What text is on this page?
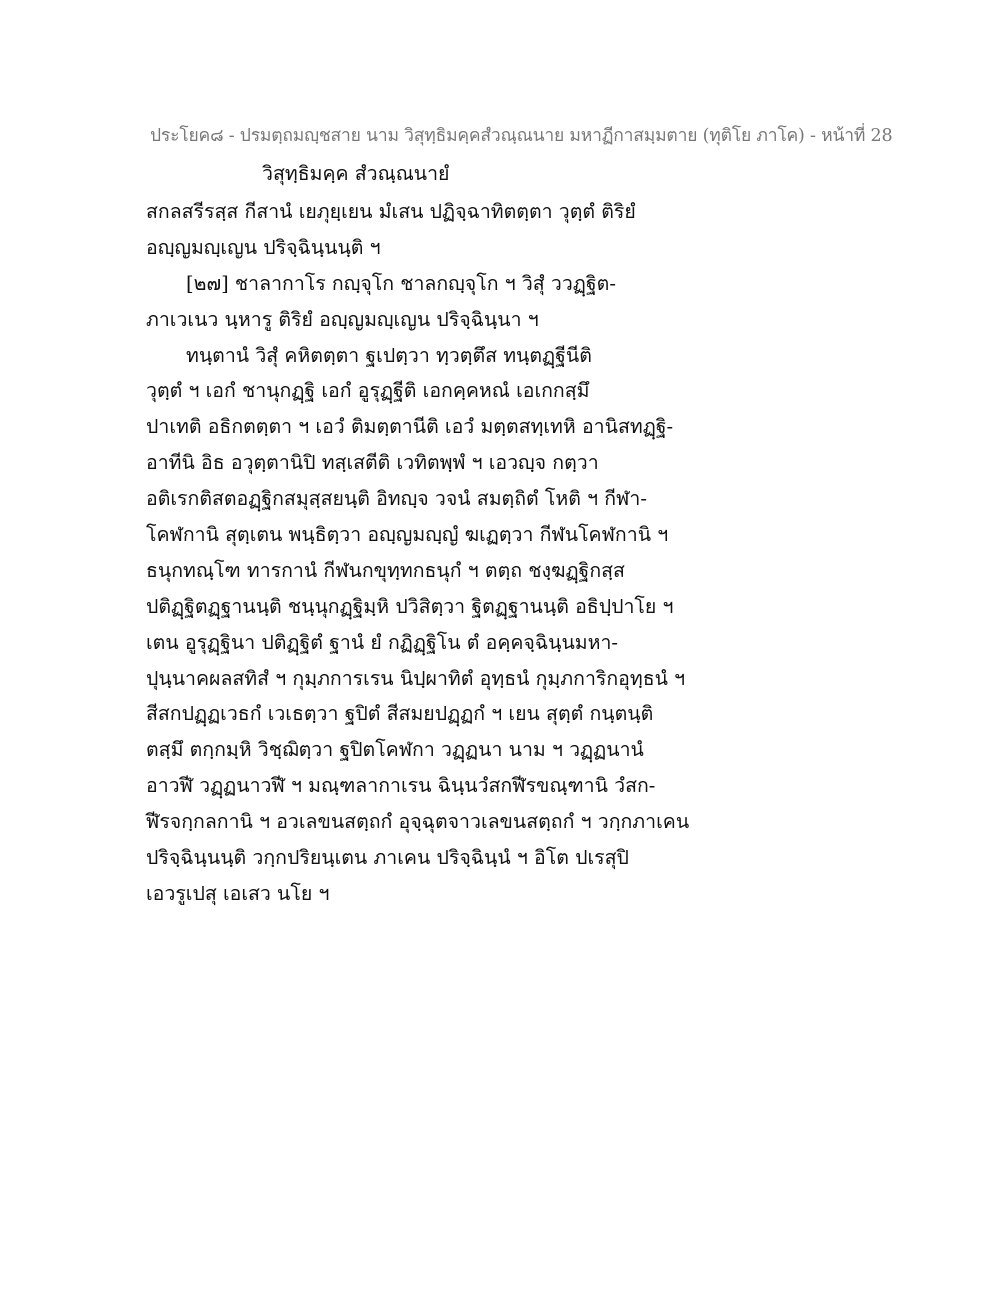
ประโยค๘ - ปรมตฺถมญฺชสาย นาม วิสุทฺธิมคฺคสํวณฺณนาย มหาฏีกาสมฺมตาย (ทุติโย ภาโค) - หน้าที่ 28
วิสุทฺธิมคฺค สํวณฺณนายํ
สกลสรีรสฺส กีสานํ เยภุยฺเยน มํเสน ปฏิจฺฉาทิตตฺตา วุตฺตํ ติริยํ
อญฺญมญฺเญน ปริจฺฉินฺนนฺติ ฯ
[๒๗] ชาลากาโร กญฺจุโก ชาลกญฺจุโก ฯ วิสุํ ววฏฺฐิต-
ภาเวเนว นฺหารู ติริยํ อญฺญมญฺเญน ปริจฺฉินฺนา ฯ
ทนฺตานํ วิสุํ คหิตตฺตา ฐเปตฺวา ทฺวตฺตึส ทนฺตฏฺฐีนีติ
วุตฺตํ ฯ เอกํ ชานุกฏฺฐิ เอกํ อูรุฏฺฐีติ เอกคฺคหณํ เอเกกสฺมึ
ปาเทติ อธิกตตฺตา ฯ เอวํ ติมตฺตานีติ เอวํ มตฺตสทฺเทหิ อานิสทฏฺฐิ-
อาทีนิ อิธ อวุตฺตานิปิ ทสฺเสตีติ เวทิตพฺพํ ฯ เอวญฺจ กตฺวา
อติเรกติสตอฏฺฐิกสมุสฺสยนฺติ อิทญฺจ วจนํ สมตฺถิตํ โหติ ฯ กีฬา-
โคฬกานิ สุตฺเตน พนฺธิตฺวา อญฺญมญฺญํ ฆเฏตฺวา กีฬนโคฬกานิ ฯ
ธนุกทณฺโฑ ทารกานํ กีฬนกขุทฺทกธนุกํ ฯ ตตฺถ ชงฺฆฏฺฐิกสฺส
ปติฏฺฐิตฏฺฐานนฺติ ชนฺนุกฏฺฐิมฺหิ ปวิสิตฺวา ฐิตฏฺฐานนฺติ อธิปฺปาโย ฯ
เตน อูรุฏฺฐินา ปติฏฺฐิตํ ฐานํ ยํ กฏิฏฺฐิโน ตํ อคฺคจฺฉินฺนมหา-
ปุนฺนาคผลสทิสํ ฯ กุมฺภการเรน นิปฺผาทิตํ อุทฺธนํ กุมฺภการิกอุทฺธนํ ฯ
สีสกปฏฺฏเวธกํ เวเธตฺวา ฐปิตํ สีสมยปฏฺฏกํ ฯ เยน สุตฺตํ กนฺตนฺติ
ตสฺมึ ตกฺกมฺหิ วิชฺฌิตฺวา ฐปิตโคฬกา วฏฺฏนา นาม ฯ วฏฺฏนานํ
อาวฬี วฏฺฏนาวฬี ฯ มณฺฑลากาเรน ฉินฺนวํสกฬีรขณฺฑานิ วํสก-
ฬีรจกฺกลกานิ ฯ อวเลขนสตฺถกํ อุจฺฉุตจาวเลขนสตฺถกํ ฯ วกฺกภาเคน
ปริจฺฉินฺนนฺติ วกฺกปริยนฺเตน ภาเคน ปริจฺฉินฺนํ ฯ อิโต ปเรสุปิ
เอวรูเปสุ เอเสว นโย ฯ
